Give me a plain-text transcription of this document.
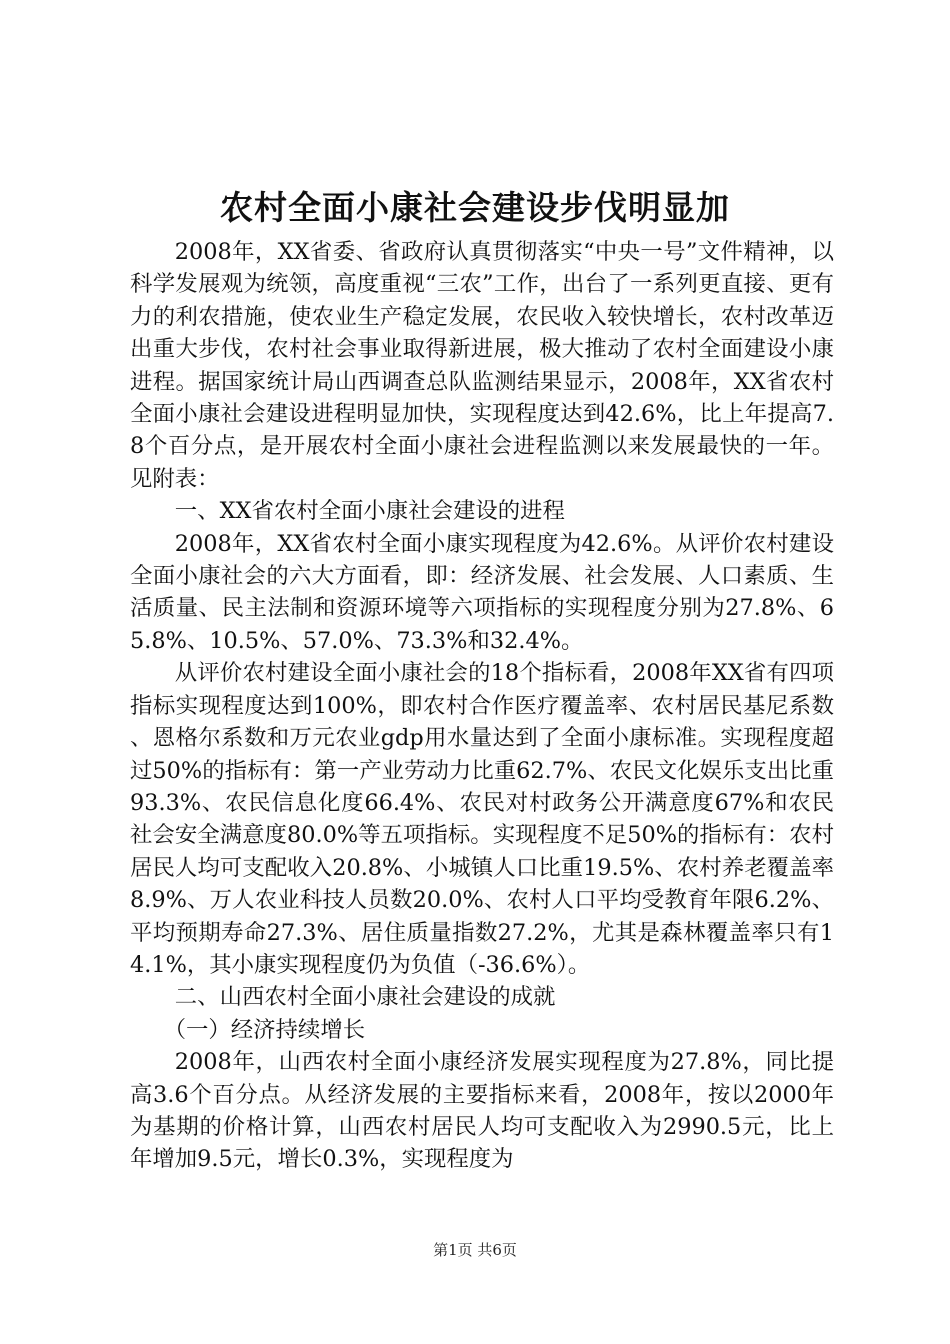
农村全面小康社会建设步伐明显加

2008年，XX省委、省政府认真贯彻落实“中央一号”文件精神，以科学发展观为统领，高度重视“三农”工作，出台了一系列更直接、更有力的利农措施，使农业生产稳定发展，农民收入较快增长，农村改革迈出重大步伐，农村社会事业取得新进展，极大推动了农村全面建设小康进程。据国家统计局山西调查总队监测结果显示，2008年，XX省农村全面小康社会建设进程明显加快，实现程度达到42.6%，比上年提高7.8个百分点，是开展农村全面小康社会进程监测以来发展最快的一年。见附表：

一、XX省农村全面小康社会建设的进程

2008年，XX省农村全面小康实现程度为42.6%。从评价农村建设全面小康社会的六大方面看，即：经济发展、社会发展、人口素质、生活质量、民主法制和资源环境等六项指标的实现程度分别为27.8%、65.8%、10.5%、57.0%、73.3%和32.4%。

从评价农村建设全面小康社会的18个指标看，2008年XX省有四项指标实现程度达到100%，即农村合作医疗覆盖率、农村居民基尼系数、恩格尔系数和万元农业gdp用水量达到了全面小康标准。实现程度超过50%的指标有：第一产业劳动力比重62.7%、农民文化娱乐支出比重93.3%、农民信息化度66.4%、农民对村政务公开满意度67%和农民社会安全满意度80.0%等五项指标。实现程度不足50%的指标有：农村居民人均可支配收入20.8%、小城镇人口比重19.5%、农村养老覆盖率8.9%、万人农业科技人员数20.0%、农村人口平均受教育年限6.2%、平均预期寿命27.3%、居住质量指数27.2%，尤其是森林覆盖率只有14.1%，其小康实现程度仍为负值（-36.6%）。

二、山西农村全面小康社会建设的成就

（一）经济持续增长

2008年，山西农村全面小康经济发展实现程度为27.8%，同比提高3.6个百分点。从经济发展的主要指标来看，2008年，按以2000年为基期的价格计算，山西农村居民人均可支配收入为2990.5元，比上年增加9.5元，增长0.3%，实现程度为

第1页 共6页
